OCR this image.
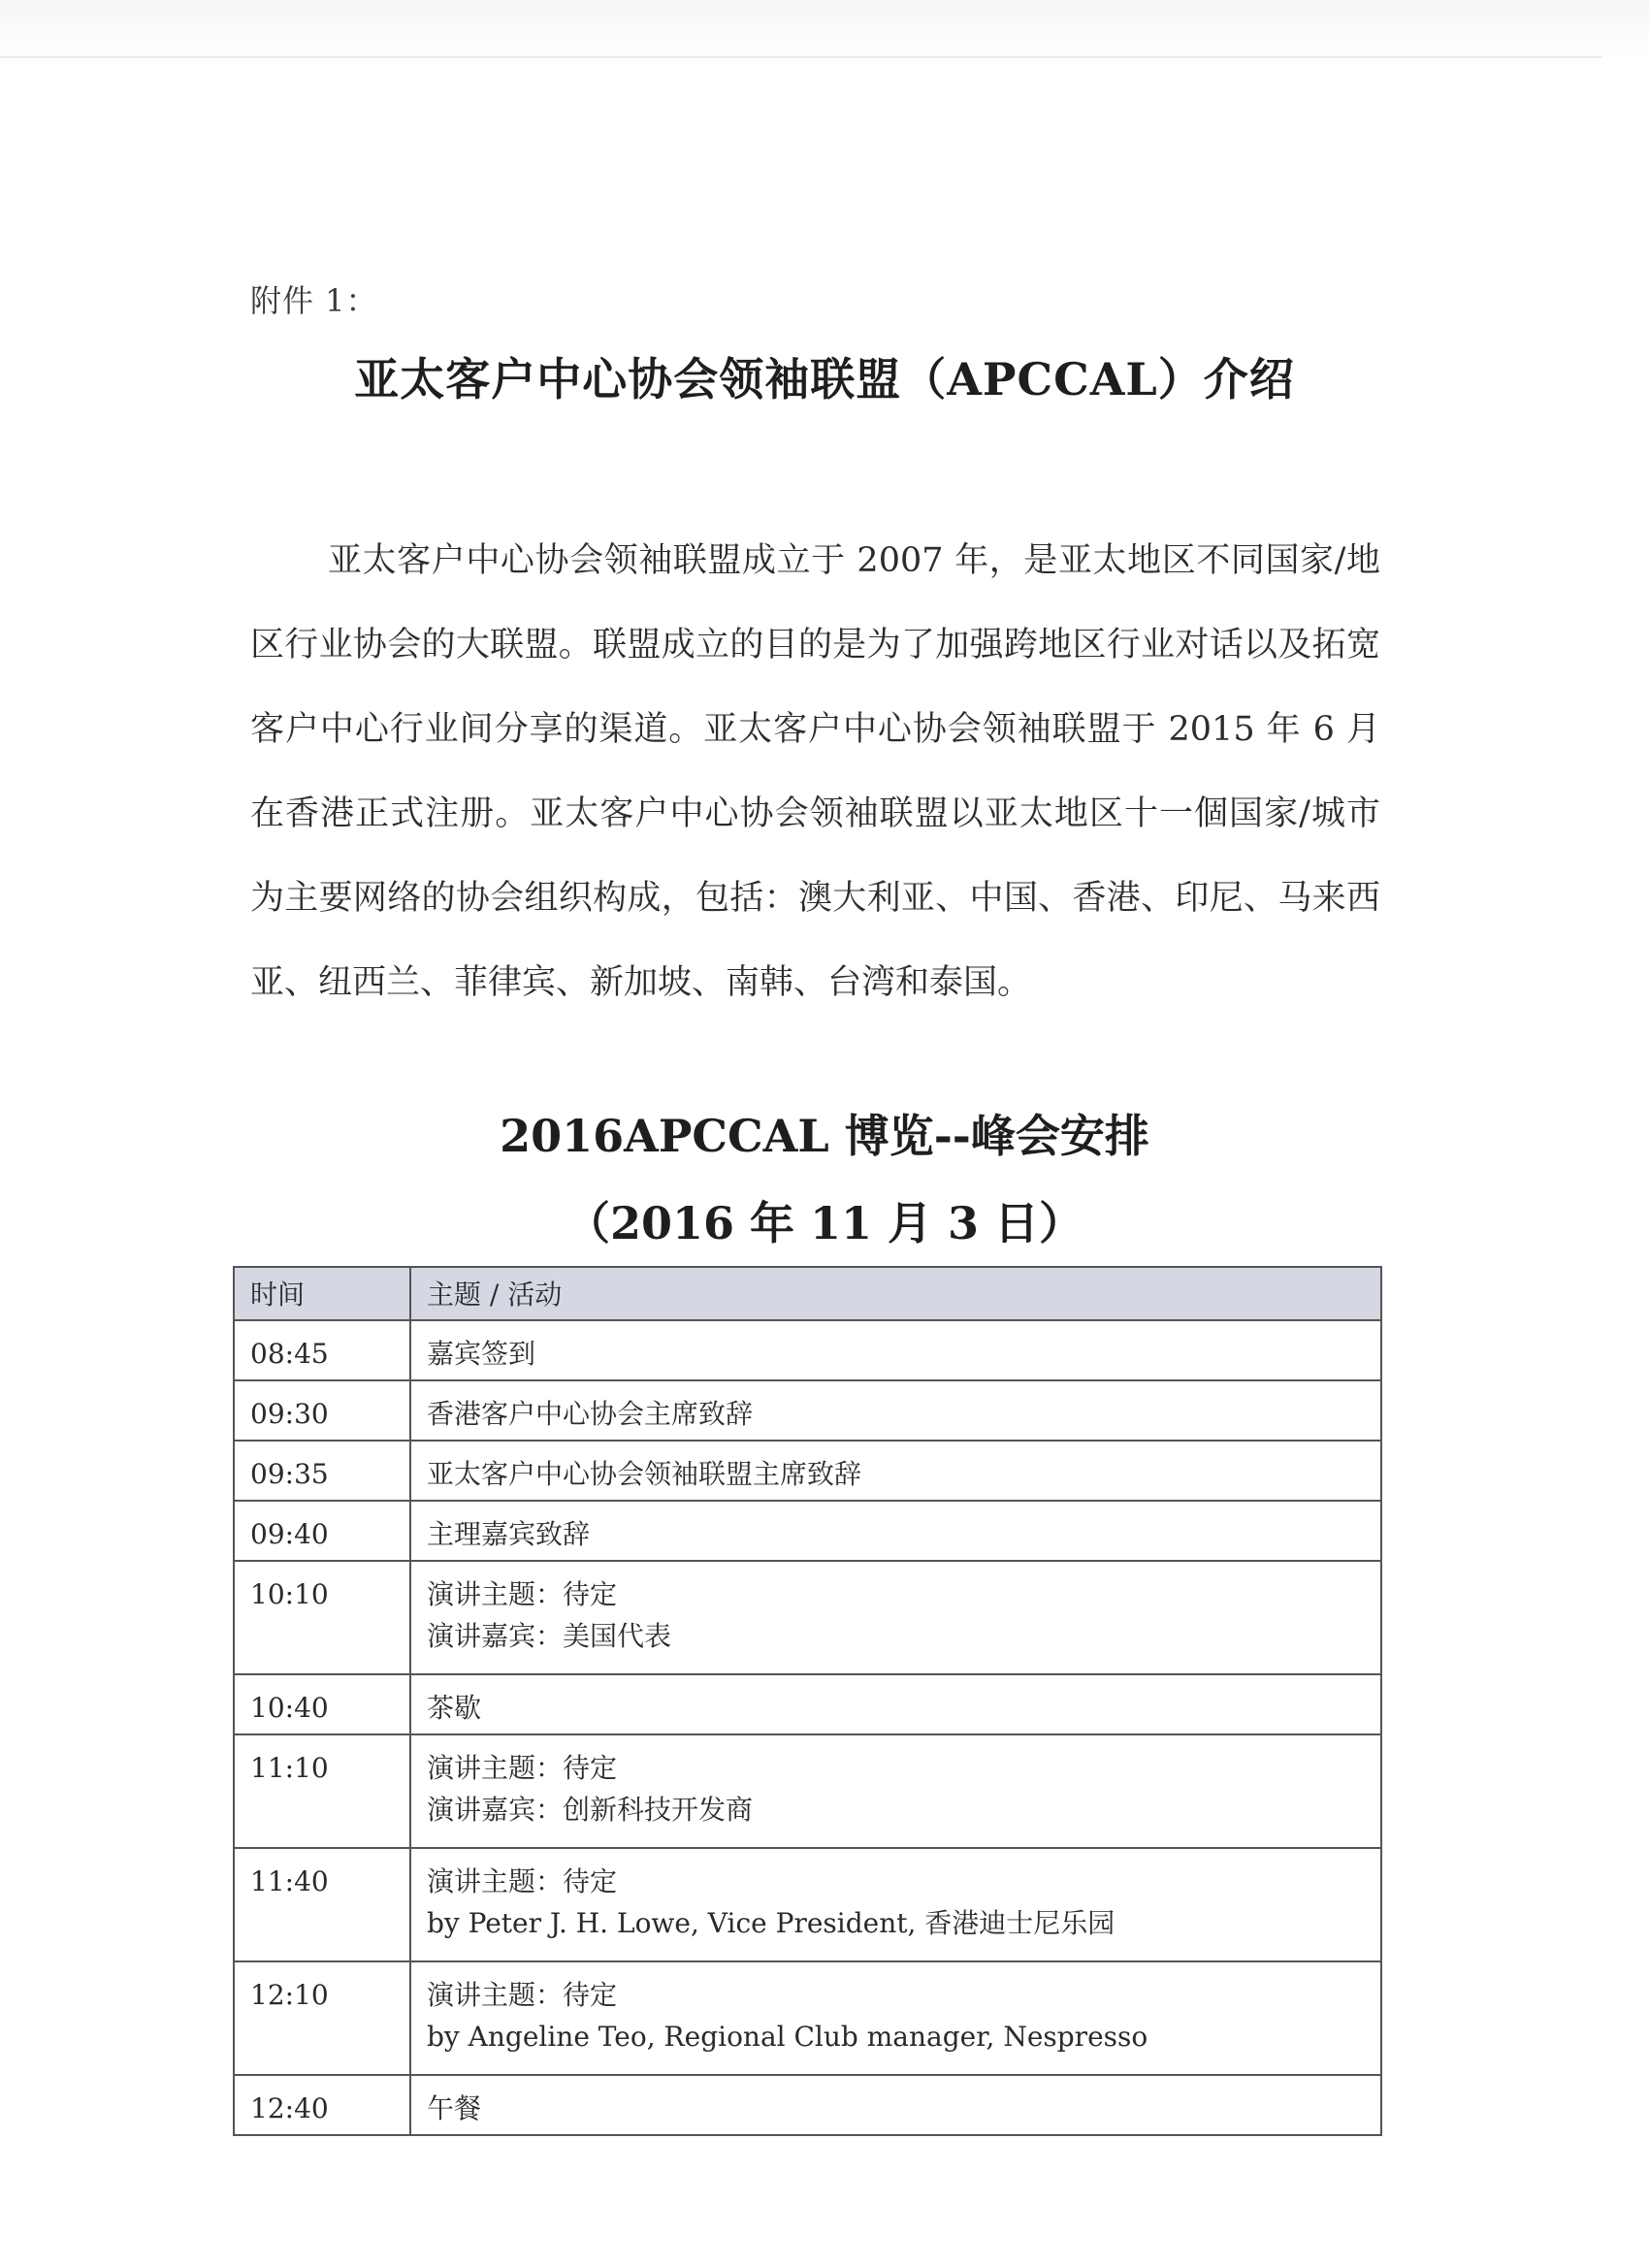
附件 1：
亚太客户中心协会领袖联盟（APCCAL）介绍

亚太客户中心协会领袖联盟成立于 2007 年，是亚太地区不同国家/地区行业协会的大联盟。联盟成立的目的是为了加强跨地区行业对话以及拓宽客户中心行业间分享的渠道。亚太客户中心协会领袖联盟于 2015 年 6 月在香港正式注册。亚太客户中心协会领袖联盟以亚太地区十一個国家/城市为主要网络的协会组织构成，包括：澳大利亚、中国、香港、印尼、马来西亚、纽西兰、菲律宾、新加坡、南韩、台湾和泰国。

2016APCCAL 博览--峰会安排
（2016 年 11 月 3 日）
时间	主题 / 活动
08:45	嘉宾签到

09:30	香港客户中心协会主席致辞

09:35	亚太客户中心协会领袖联盟主席致辞

09:40	主理嘉宾致辞

10:10	演讲主题：待定
演讲嘉宾：美国代表

10:40	茶歇

11:10	演讲主题：待定
演讲嘉宾：创新科技开发商

11:40	演讲主题：待定
by Peter J. H. Lowe, Vice President, 香港迪士尼乐园

12:10	演讲主题：待定
by Angeline Teo, Regional Club manager, Nespresso

12:40	午餐
